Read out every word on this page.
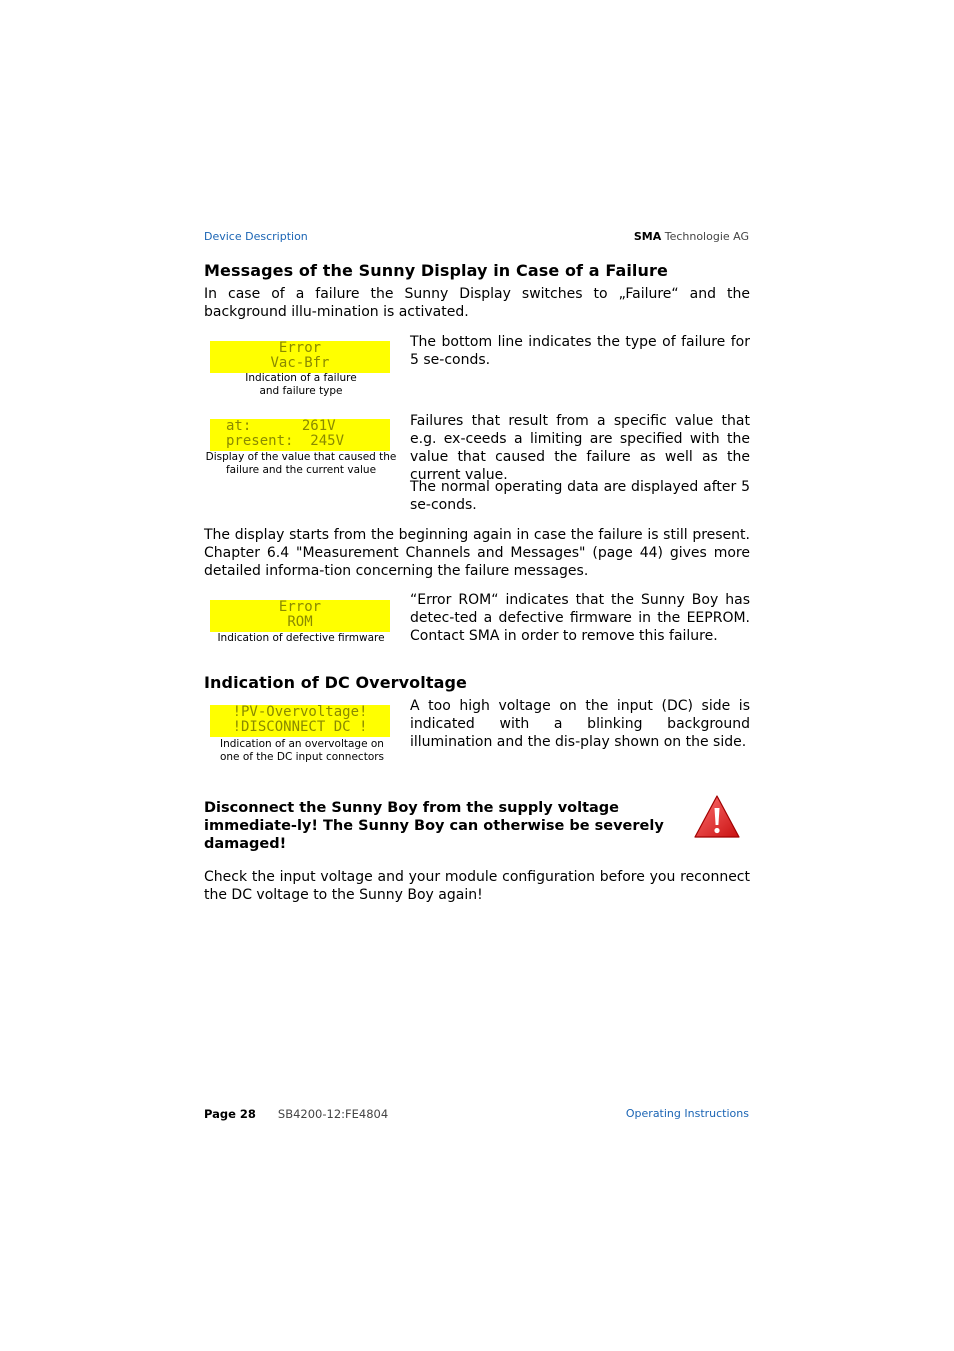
Device Description	SMA Technologie AG
Messages of the Sunny Display in Case of a Failure

In case of a failure the Sunny Display switches to „Failure“ and the background illu-mination is activated.

Error
Vac-Bfr
Indication of a failure and failure type

The bottom line indicates the type of failure for 5 se-conds.

at:      261V
present:  245V
Display of the value that caused the failure and the current value

Failures that result from a specific value that e.g. ex-ceeds a limiting are specified with the value that caused the failure as well as the current value.

The normal operating data are displayed after 5 se-conds.

The display starts from the beginning again in case the failure is still present. Chapter 6.4 "Measurement Channels and Messages" (page 44) gives more detailed informa-tion concerning the failure messages.

Error
ROM
Indication of defective firmware

“Error ROM“ indicates that the Sunny Boy has detec-ted a defective firmware in the EEPROM. Contact SMA in order to remove this failure.

Indication of DC Overvoltage
!PV-Overvoltage!
!DISCONNECT DC !
Indication of an overvoltage on one of the DC input connectors

A too high voltage on the input (DC) side is indicated with a blinking background illumination and the dis-play shown on the side.

Disconnect the Sunny Boy from the supply voltage immediate-ly! The Sunny Boy can otherwise be severely damaged!

Check the input voltage and your module configuration before you reconnect the DC voltage to the Sunny Boy again!

Page 28 SB4200-12:FE4804	Operating Instructions
